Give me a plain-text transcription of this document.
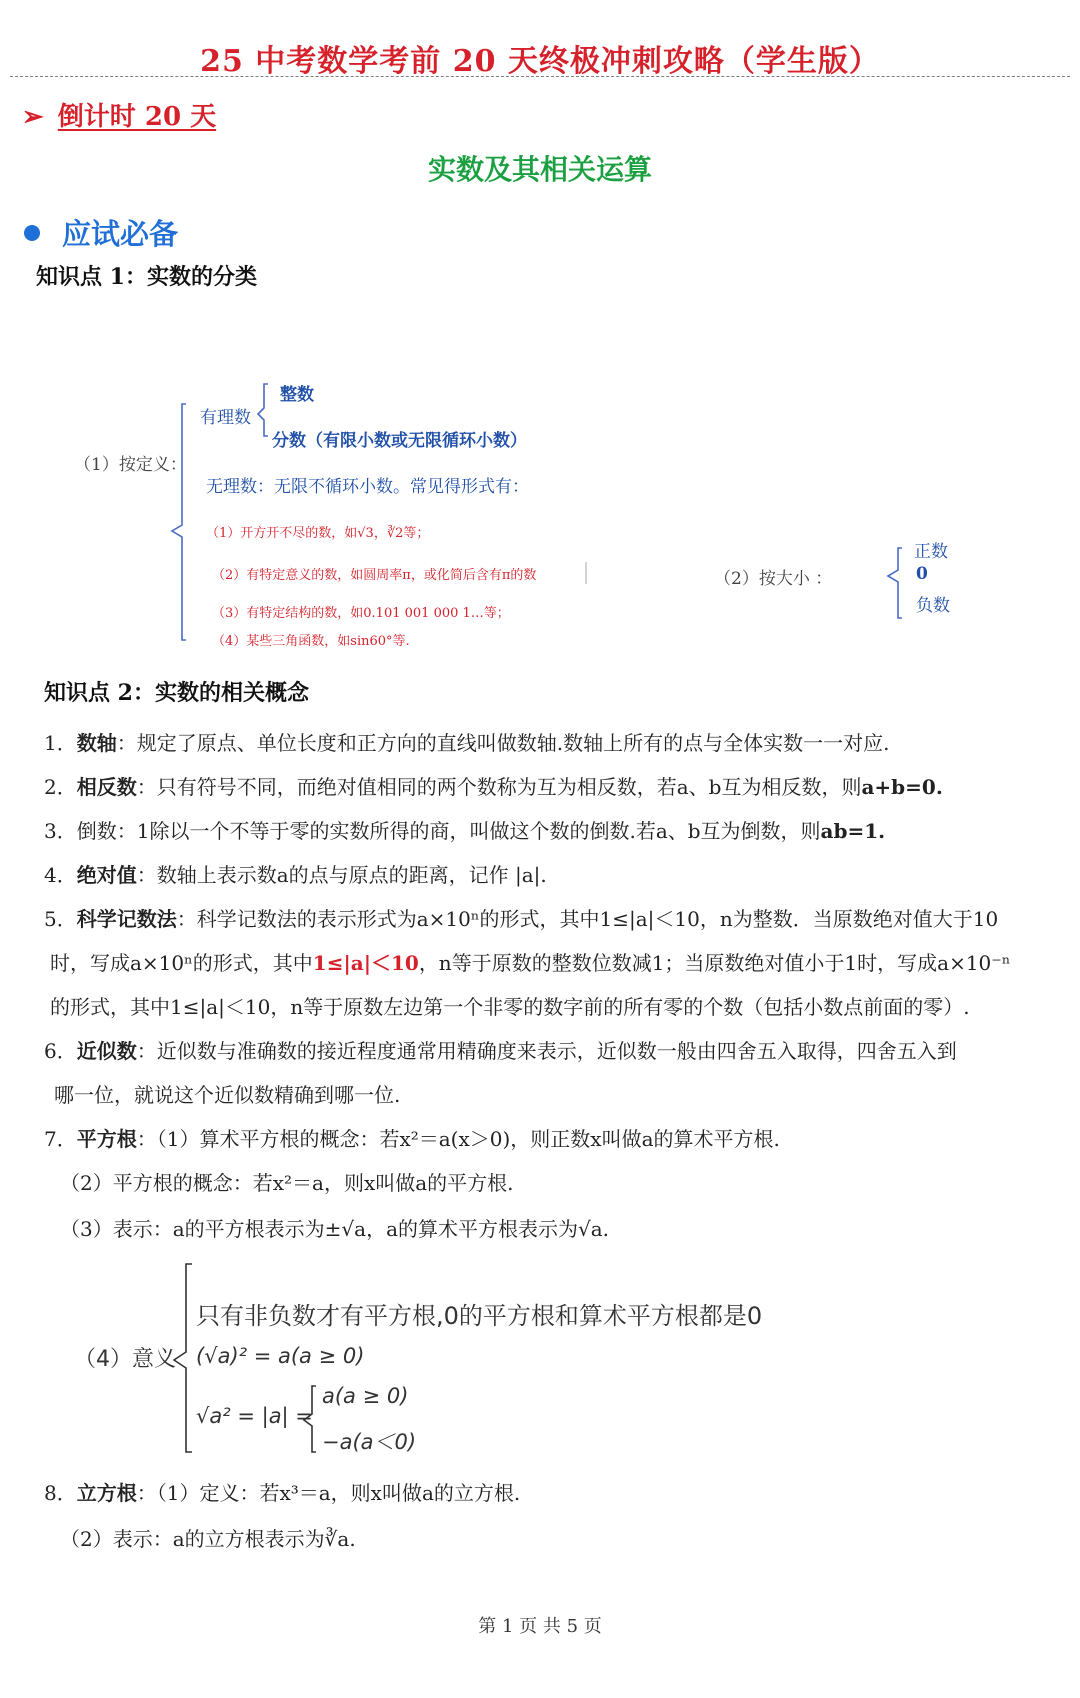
25 中考数学考前 20 天终极冲刺攻略（学生版）
➢ 倒计时 20 天
实数及其相关运算
应试必备
知识点 1：实数的分类
有理数
整数
分数（有限小数或无限循环小数）
（1）按定义：
无理数：无限不循环小数。常见得形式有：
（1）开方开不尽的数，如√3，∛2等；
（2）有特定意义的数，如圆周率π，或化简后含有π的数
（3）有特定结构的数，如0.101 001 000 1…等；
（4）某些三角函数，如sin60°等.
（2）按大小 ：
正数
0
负数
知识点 2：实数的相关概念
1．数轴：规定了原点、单位长度和正方向的直线叫做数轴.数轴上所有的点与全体实数一一对应.
2．相反数：只有符号不同，而绝对值相同的两个数称为互为相反数，若a、b互为相反数，则a+b=0.
3．倒数：1除以一个不等于零的实数所得的商，叫做这个数的倒数.若a、b互为倒数，则ab=1.
4．绝对值：数轴上表示数a的点与原点的距离，记作 |a|.
5．科学记数法：科学记数法的表示形式为a×10ⁿ的形式，其中1≤|a|＜10，n为整数．当原数绝对值大于10
时，写成a×10ⁿ的形式，其中1≤|a|＜10，n等于原数的整数位数减1；当原数绝对值小于1时，写成a×10⁻ⁿ
的形式，其中1≤|a|＜10，n等于原数左边第一个非零的数字前的所有零的个数（包括小数点前面的零）.
6．近似数：近似数与准确数的接近程度通常用精确度来表示，近似数一般由四舍五入取得，四舍五入到
哪一位，就说这个近似数精确到哪一位.
7．平方根：（1）算术平方根的概念：若x²＝a(x＞0)，则正数x叫做a的算术平方根.
（2）平方根的概念：若x²＝a，则x叫做a的平方根.
（3）表示：a的平方根表示为±√a，a的算术平方根表示为√a.
（4）意义
只有非负数才有平方根,0的平方根和算术平方根都是0
(√a)² = a(a ≥ 0)
√a² = |a| =
a(a ≥ 0)
−a(a＜0)
8．立方根：（1）定义：若x³＝a，则x叫做a的立方根.
（2）表示：a的立方根表示为∛a.
第 1 页 共 5 页
